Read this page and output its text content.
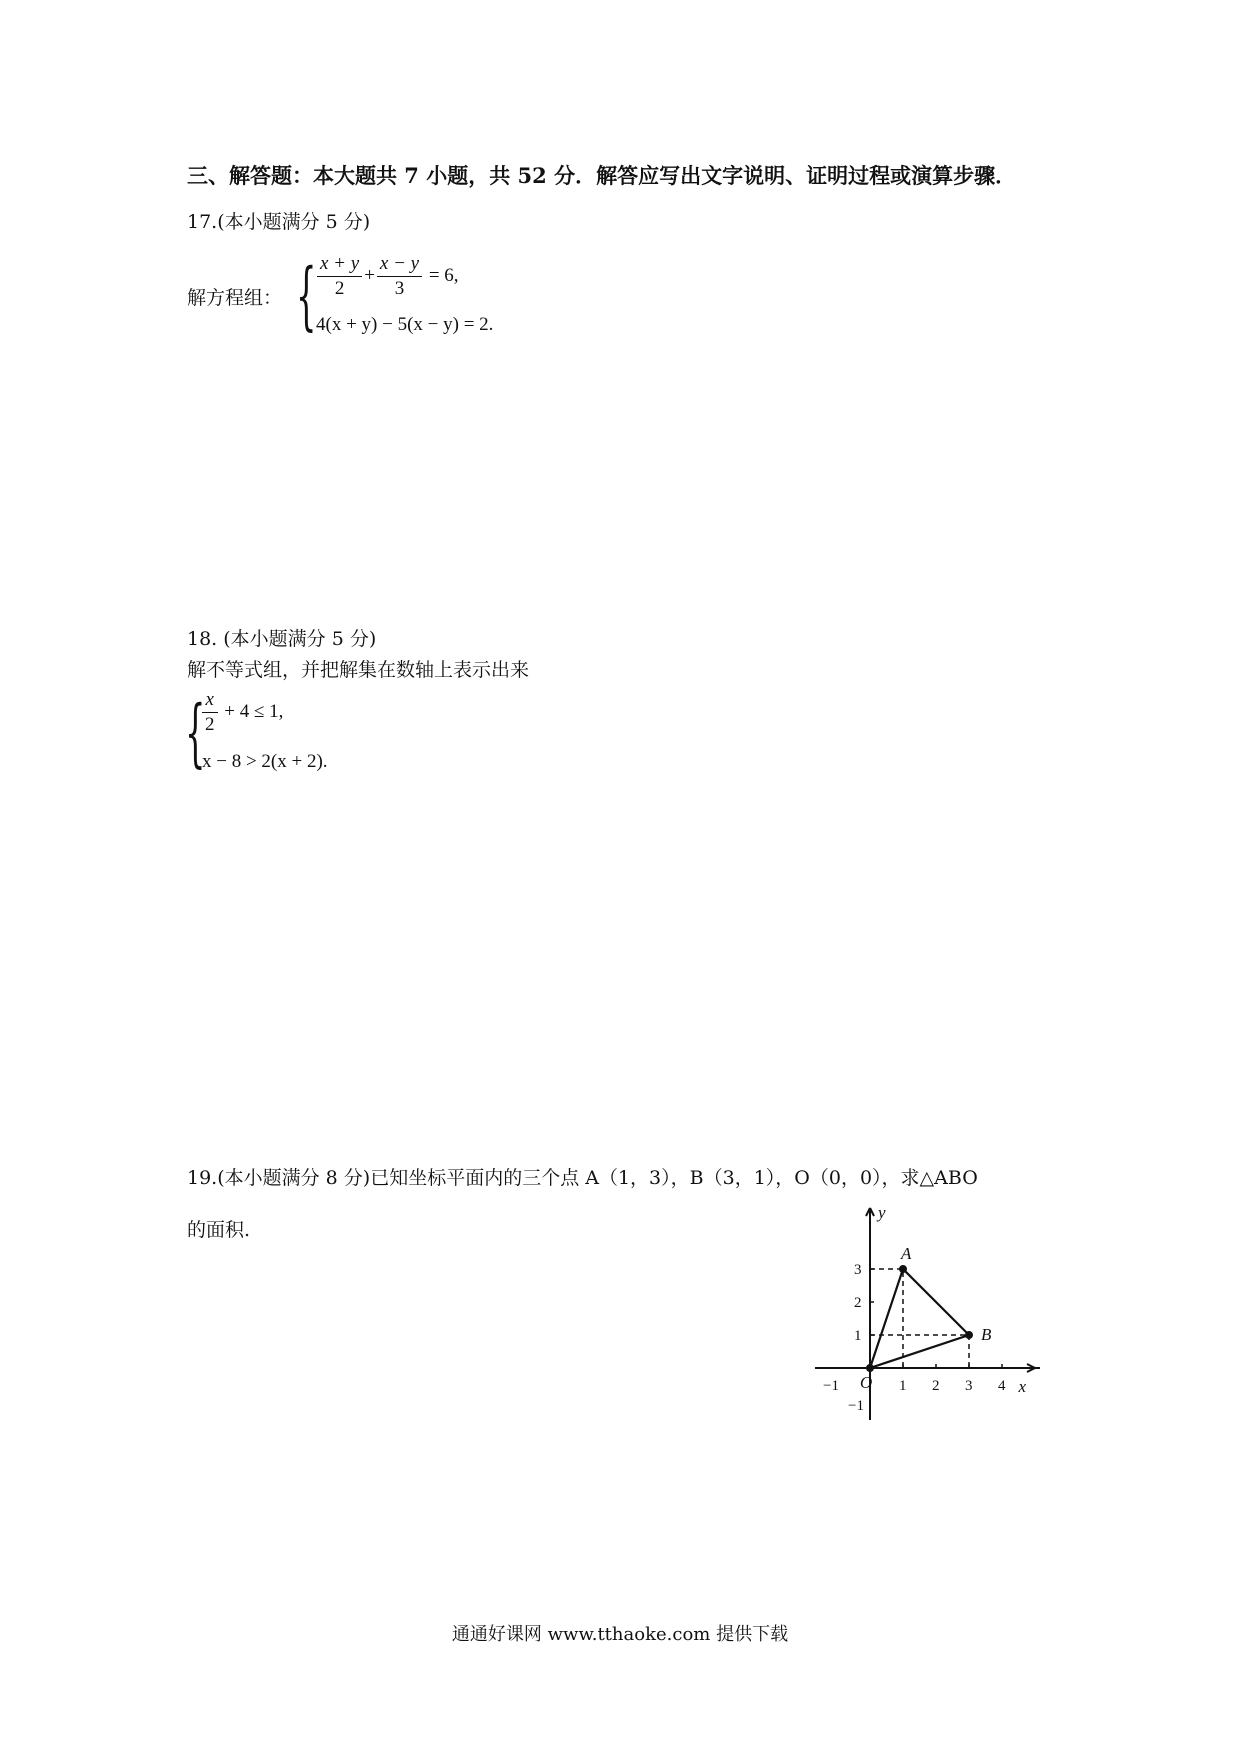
三、解答题：本大题共 7 小题，共 52 分．解答应写出文字说明、证明过程或演算步骤．
17.(本小题满分 5 分)
解方程组： { $\frac{x + y}{2} + \frac{x - y}{3} = 6$,
4(x + y) − 5(x − y) = 2.
18. (本小题满分 5 分)
解不等式组，并把解集在数轴上表示出来
{
$\frac{x}{2} + 4 \le 1$,
x − 8 > 2(x + 2).
19.(本小题满分 8 分)已知坐标平面内的三个点 A（1，3），B（3，1），O（0，0），求△ABO
的面积.
−1	1 2 3 4
−1
1
2
3
x
y
O
A
B
通通好课网 www.tthaoke.com 提供下载
